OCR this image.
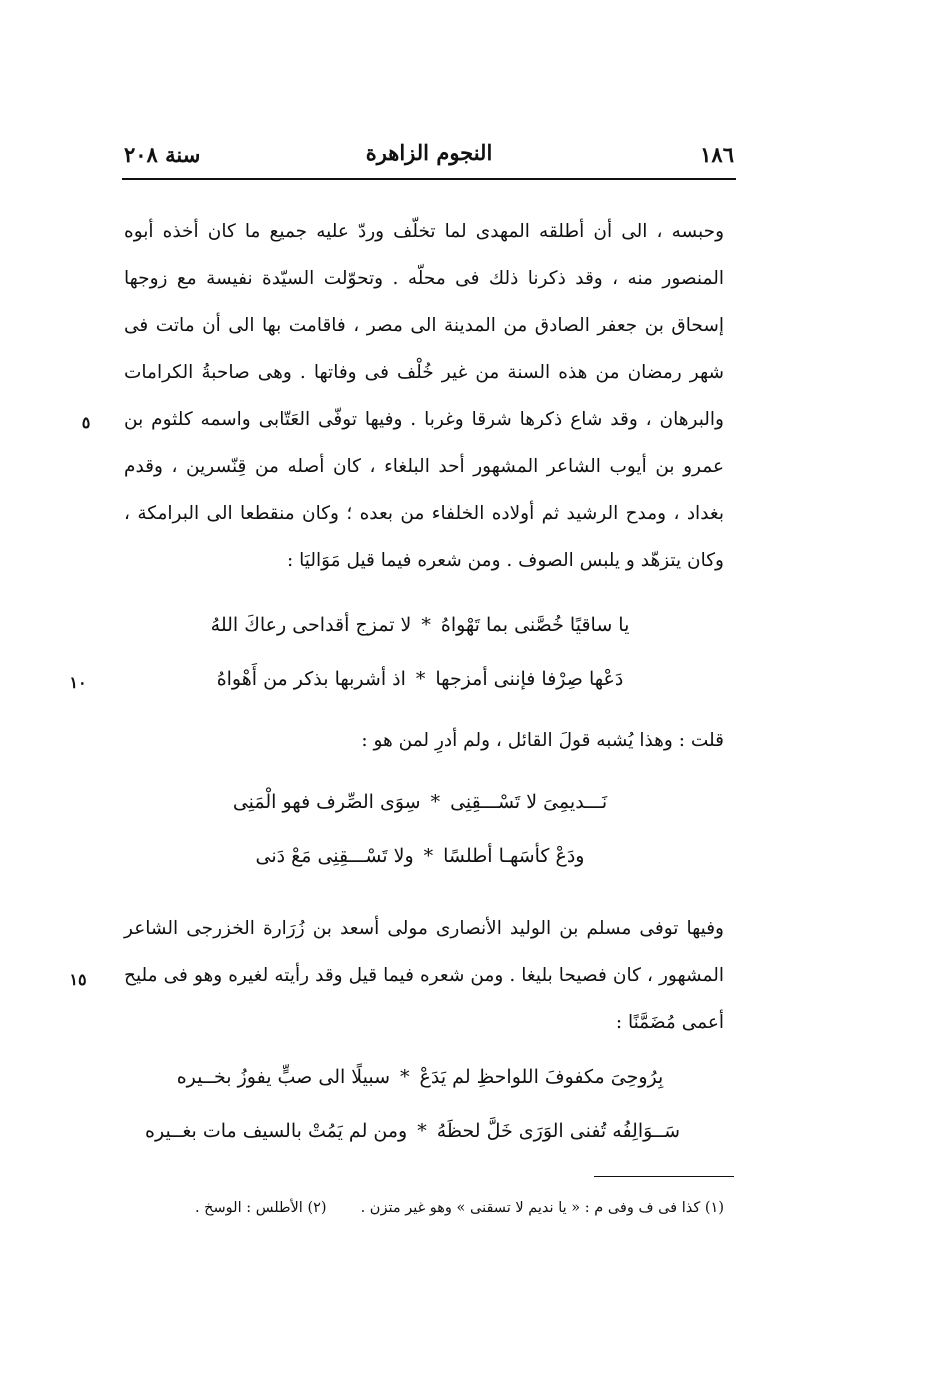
١٨٦
النجوم الزاهرة
سنة ٢٠٨
وحبسه ، الى أن أطلقه المهدى لما تخلّف وردّ عليه جميع ما كان أخذه أبوه المنصور منه ، وقد ذكرنا ذلك فى محلّه . وتحوّلت السيّدة نفيسة مع زوجها إسحاق بن جعفر الصادق من المدينة الى مصر ، فاقامت بها الى أن ماتت فى شهر رمضان من هذه السنة من غير خُلْف فى وفاتها . وهى صاحبةُ الكرامات والبرهان ، وقد شاع ذكرها شرقا وغربا . وفيها توفّى العَتّابى واسمه كلثوم بن عمرو بن أيوب الشاعر المشهور أحد البلغاء ، كان أصله من قِنّسرين ، وقدم بغداد ، ومدح الرشيد ثم أولاده الخلفاء من بعده ؛ وكان منقطعا الى البرامكة ، وكان يتزهّد و يلبس الصوف . ومن شعره فيما قيل مَوَاليَا :
يا ساقيًا خُصَّنى بما تَهْواهُ*لا تمزج أقداحى رعاكَ اللهُ
دَعْها صِرْفا فإننى أمزجها*اذ أشربها بذكر من أَهْواهُ
قلت : وهذا يُشبه قولَ القائل ، ولم أدرِ لمن هو :
نَـــديمِىَ لا تَسْـــقِنِى*سِوَى الصِّرف فهو الْمَنِى
ودَعْ كأسَهـا أطلسًا*ولا تَسْـــقِنِى مَعْ دَنى
وفيها توفى مسلم بن الوليد الأنصارى مولى أسعد بن زُرَارة الخزرجى الشاعر المشهور ، كان فصيحا بليغا . ومن شعره فيما قيل وقد رأيته لغيره وهو فى مليح أعمى مُضَمَّنًا :
بِرُوحِىَ مكفوفَ اللواحظِ لم يَدَعْ*سبيلًا الى صبٍّ يفوزُ بخــيره
سَــوَالِفُه تُفنى الوَرَى خَلَّ لحظَهُ*ومن لم يَمُتْ بالسيف مات بغــيره
٥
١٠
١٥
(١) كذا فى ف وفى م : « يا نديم لا تسقنى » وهو غير متزن .(٢) الأطلس : الوسخ .
